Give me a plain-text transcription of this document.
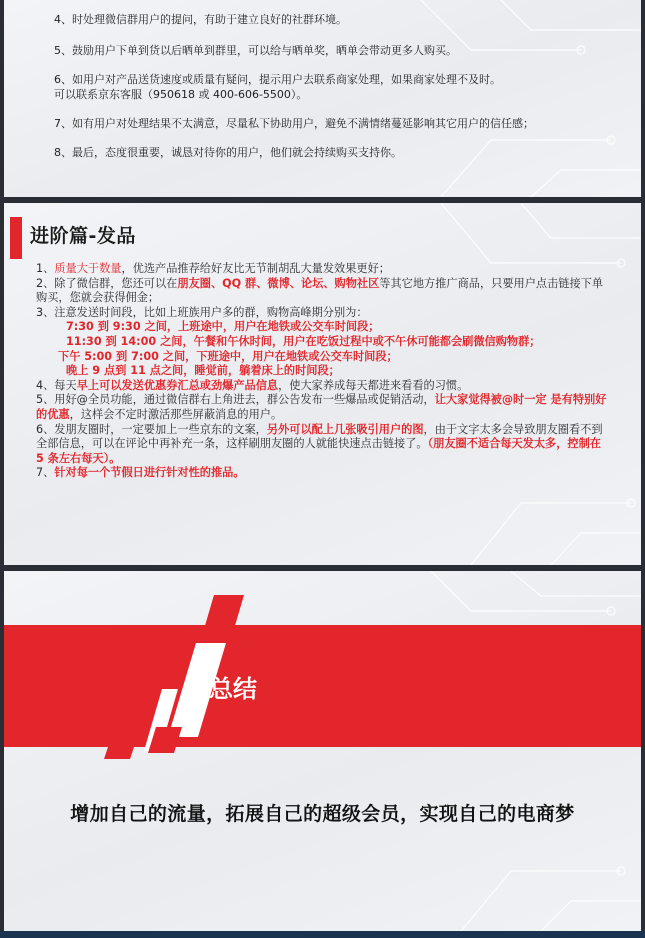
4、时处理微信群用户的提问，有助于建立良好的社群环境。

5、鼓励用户下单到货以后晒单到群里，可以给与晒单奖，晒单会带动更多人购买。

6、如用户对产品送货速度或质量有疑问，提示用户去联系商家处理，如果商家处理不及时。
可以联系京东客服（950618 或 400-606-5500）。

7、如有用户对处理结果不太满意，尽量私下协助用户，避免不满情绪蔓延影响其它用户的信任感；

8、最后，态度很重要，诚恳对待你的用户，他们就会持续购买支持你。

进阶篇-发品
1、质量大于数量，优选产品推荐给好友比无节制胡乱大量发效果更好；
2、除了微信群，您还可以在朋友圈、QQ 群、微博、论坛、购物社区等其它地方推广商品，只要用户点击链接下单购买，您就会获得佣金；
3、注意发送时间段，比如上班族用户多的群，购物高峰期分别为：
7:30 到 9:30 之间，上班途中，用户在地铁或公交车时间段；
11:30 到 14:00 之间，午餐和午休时间，用户在吃饭过程中或不午休可能都会刷微信购物群；
下午 5:00 到 7:00 之间，下班途中，用户在地铁或公交车时间段；
晚上 9 点到 11 点之间，睡觉前，躺着床上的时间段；
4、每天早上可以发送优惠券汇总或劲爆产品信息，使大家养成每天都进来看看的习惯。
5、用好@全员功能，通过微信群右上角进去，群公告发布一些爆品或促销活动，让大家觉得被@时一定 是有特别好的优惠，这样会不定时激活那些屏蔽消息的用户。
6、发朋友圈时，一定要加上一些京东的文案，另外可以配上几张吸引用户的图，由于文字太多会导致朋友圈看不到 全部信息，可以在评论中再补充一条，这样刷朋友圈的人就能快速点击链接了。（朋友圈不适合每天发太多，控制在 5 条左右每天）。
7、针对每一个节假日进行针对性的推品。
总结
增加自己的流量，拓展自己的超级会员，实现自己的电商梦
